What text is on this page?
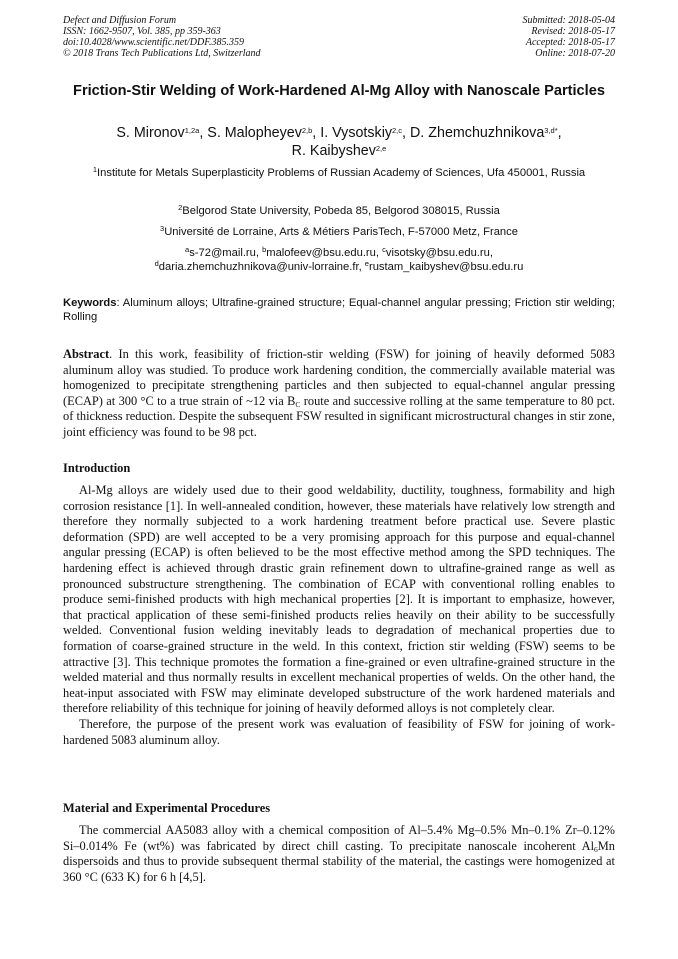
Defect and Diffusion Forum
ISSN: 1662-9507, Vol. 385, pp 359-363
doi:10.4028/www.scientific.net/DDF.385.359
© 2018 Trans Tech Publications Ltd, Switzerland
Submitted: 2018-05-04
Revised: 2018-05-17
Accepted: 2018-05-17
Online: 2018-07-20
Friction-Stir Welding of Work-Hardened Al-Mg Alloy with Nanoscale Particles
S. Mironov$^{1,2a}$, S. Malopheyev$^{2,b}$, I. Vysotskiy$^{2,c}$, D. Zhemchuzhnikova$^{3,d*}$,
R. Kaibyshev$^{2,e}$
$^1$Institute for Metals Superplasticity Problems of Russian Academy of Sciences, Ufa 450001, Russia
$^2$Belgorod State University, Pobeda 85, Belgorod 308015, Russia
$^3$Université de Lorraine, Arts & Métiers ParisTech, F-57000 Metz, France
$^a$s-72@mail.ru, $^b$malofeev@bsu.edu.ru, $^c$visotsky@bsu.edu.ru,
$^d$daria.zhemchuzhnikova@univ-lorraine.fr, $^e$rustam_kaibyshev@bsu.edu.ru
Keywords: Aluminum alloys; Ultrafine-grained structure; Equal-channel angular pressing; Friction stir welding; Rolling
Abstract. In this work, feasibility of friction-stir welding (FSW) for joining of heavily deformed 5083 aluminum alloy was studied. To produce work hardening condition, the commercially available material was homogenized to precipitate strengthening particles and then subjected to equal-channel angular pressing (ECAP) at 300 °C to a true strain of ~12 via $B_C$ route and successive rolling at the same temperature to 80 pct. of thickness reduction. Despite the subsequent FSW resulted in significant microstructural changes in stir zone, joint efficiency was found to be 98 pct.
Introduction

Al-Mg alloys are widely used due to their good weldability, ductility, toughness, formability and high corrosion resistance [1]. In well-annealed condition, however, these materials have relatively low strength and therefore they normally subjected to a work hardening treatment before practical use. Severe plastic deformation (SPD) are well accepted to be a very promising approach for this purpose and equal-channel angular pressing (ECAP) is often believed to be the most effective method among the SPD techniques. The hardening effect is achieved through drastic grain refinement down to ultrafine-grained range as well as pronounced substructure strengthening. The combination of ECAP with conventional rolling enables to produce semi-finished products with high mechanical properties [2]. It is important to emphasize, however, that practical application of these semi-finished products relies heavily on their ability to be successfully welded. Conventional fusion welding inevitably leads to degradation of mechanical properties due to formation of coarse-grained structure in the weld. In this context, friction stir welding (FSW) seems to be attractive [3]. This technique promotes the formation a fine-grained or even ultrafine-grained structure in the welded material and thus normally results in excellent mechanical properties of welds. On the other hand, the heat-input associated with FSW may eliminate developed substructure of the work hardened materials and therefore reliability of this technique for joining of heavily deformed alloys is not completely clear.

Therefore, the purpose of the present work was evaluation of feasibility of FSW for joining of work-hardened 5083 aluminum alloy.

Material and Experimental Procedures

The commercial AA5083 alloy with a chemical composition of Al–5.4% Mg–0.5% Mn–0.1% Zr–0.12% Si–0.014% Fe (wt%) was fabricated by direct chill casting. To precipitate nanoscale incoherent $Al_6Mn$ dispersoids and thus to provide subsequent thermal stability of the material, the castings were homogenized at 360 °C (633 K) for 6 h [4,5].
